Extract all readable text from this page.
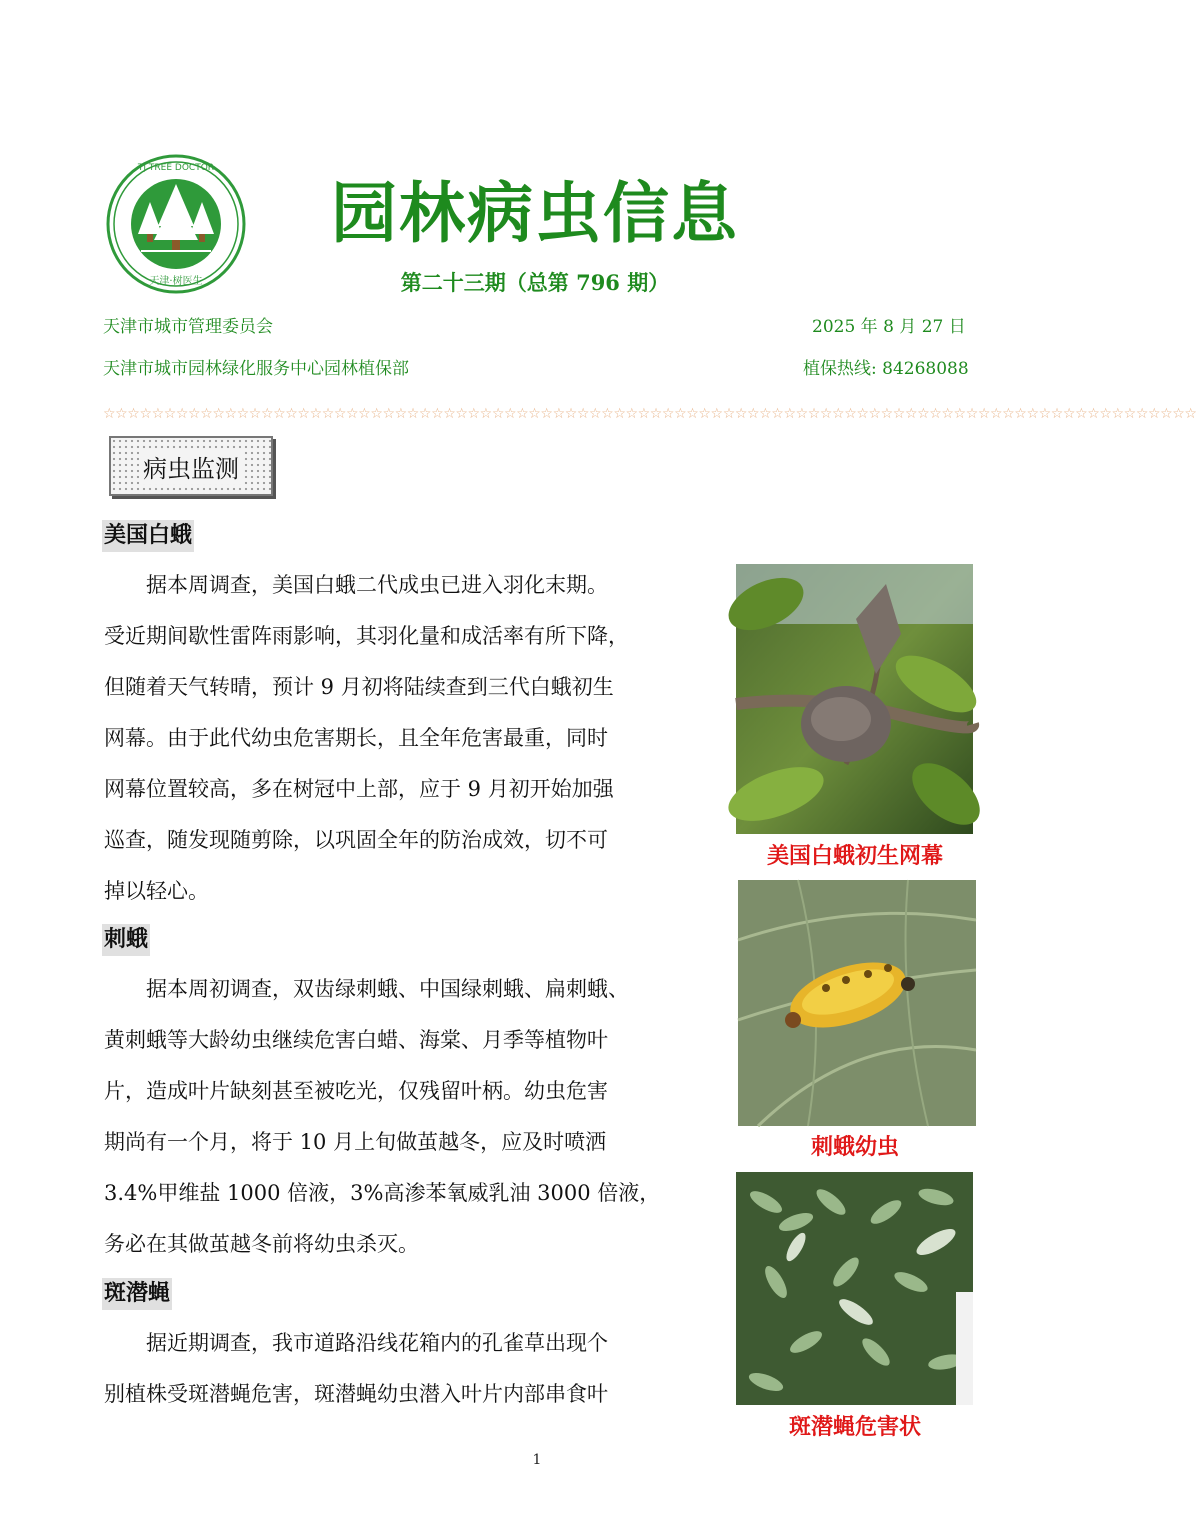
TJ TREE DOCTOR
天津·树医生
园林病虫信息
第二十三期（总第 796 期）
天津市城市管理委员会	2025 年 8 月 27 日
天津市城市园林绿化服务中心园林植保部	植保热线: 84268088
☆☆☆☆☆☆☆☆☆☆☆☆☆☆☆☆☆☆☆☆☆☆☆☆☆☆☆☆☆☆☆☆☆☆☆☆☆☆☆☆☆☆☆☆☆☆☆☆☆☆☆☆☆☆☆☆☆☆☆☆☆☆☆☆☆☆☆☆☆☆☆☆☆☆☆☆☆☆☆☆☆☆☆☆☆☆☆☆☆☆
病虫监测
美国白蛾
　　据本周调查，美国白蛾二代成虫已进入羽化末期。
受近期间歇性雷阵雨影响，其羽化量和成活率有所下降，
但随着天气转晴，预计 9 月初将陆续查到三代白蛾初生
网幕。由于此代幼虫危害期长，且全年危害最重，同时
网幕位置较高，多在树冠中上部，应于 9 月初开始加强
巡查，随发现随剪除，以巩固全年的防治成效，切不可
掉以轻心。
刺蛾
　　据本周初调查，双齿绿刺蛾、中国绿刺蛾、扁刺蛾、
黄刺蛾等大龄幼虫继续危害白蜡、海棠、月季等植物叶
片，造成叶片缺刻甚至被吃光，仅残留叶柄。幼虫危害
期尚有一个月，将于 10 月上旬做茧越冬，应及时喷洒
3.4%甲维盐 1000 倍液，3%高渗苯氧威乳油 3000 倍液，
务必在其做茧越冬前将幼虫杀灭。
斑潜蝇
　　据近期调查，我市道路沿线花箱内的孔雀草出现个
别植株受斑潜蝇危害，斑潜蝇幼虫潜入叶片内部串食叶
美国白蛾初生网幕
刺蛾幼虫
斑潜蝇危害状
1
